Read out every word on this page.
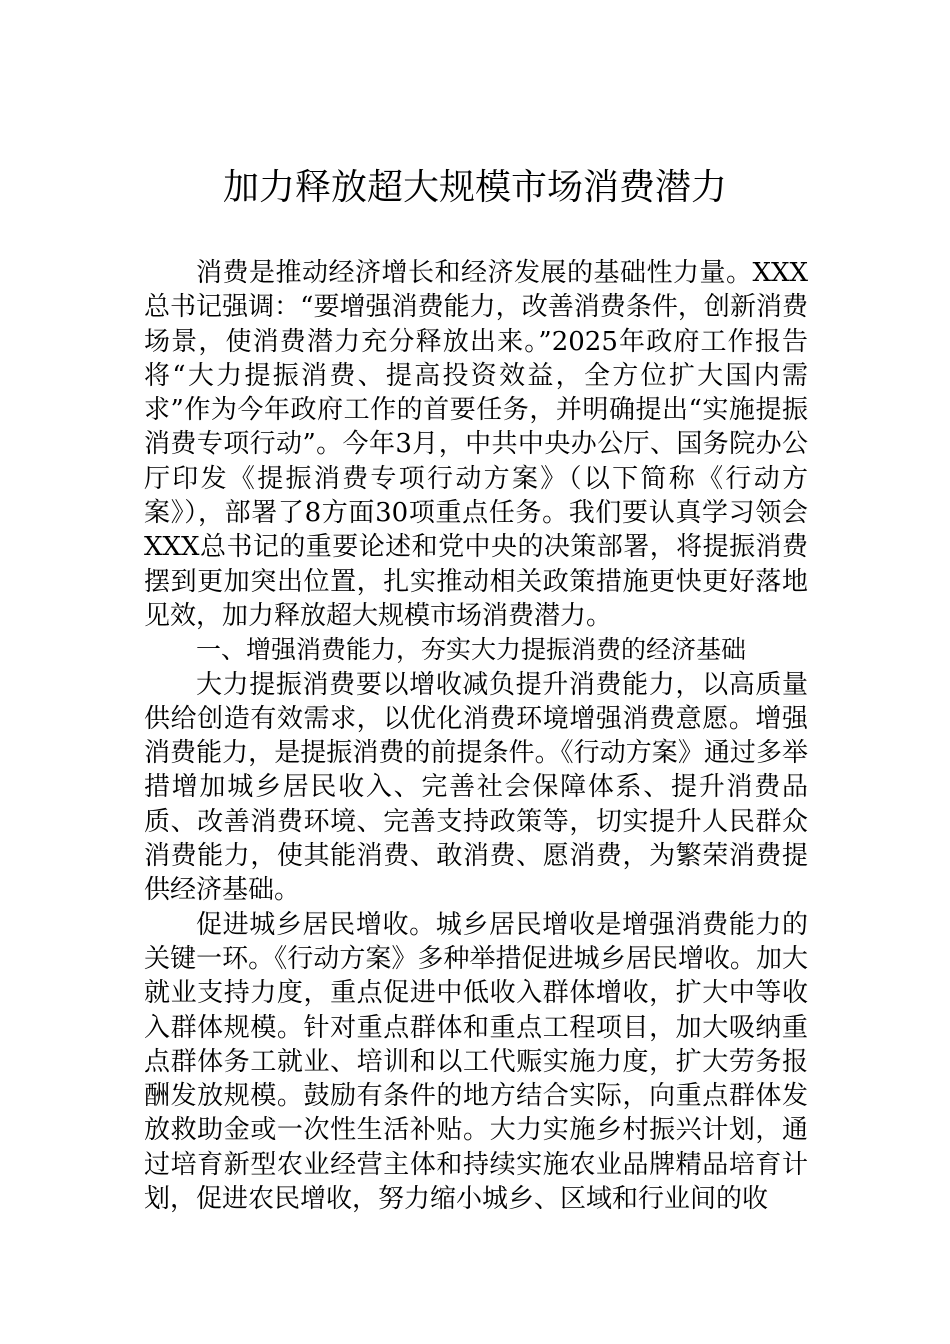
加力释放超大规模市场消费潜力

消费是推动经济增长和经济发展的基础性力量。XXX总书记强调：“要增强消费能力，改善消费条件，创新消费场景，使消费潜力充分释放出来。”2025年政府工作报告将“大力提振消费、提高投资效益，全方位扩大国内需求”作为今年政府工作的首要任务，并明确提出“实施提振消费专项行动”。今年3月，中共中央办公厅、国务院办公厅印发《提振消费专项行动方案》（以下简称《行动方案》），部署了8方面30项重点任务。我们要认真学习领会XXX总书记的重要论述和党中央的决策部署，将提振消费摆到更加突出位置，扎实推动相关政策措施更快更好落地见效，加力释放超大规模市场消费潜力。

一、增强消费能力，夯实大力提振消费的经济基础

大力提振消费要以增收减负提升消费能力，以高质量供给创造有效需求，以优化消费环境增强消费意愿。增强消费能力，是提振消费的前提条件。《行动方案》通过多举措增加城乡居民收入、完善社会保障体系、提升消费品质、改善消费环境、完善支持政策等，切实提升人民群众消费能力，使其能消费、敢消费、愿消费，为繁荣消费提供经济基础。

促进城乡居民增收。城乡居民增收是增强消费能力的关键一环。《行动方案》多种举措促进城乡居民增收。加大就业支持力度，重点促进中低收入群体增收，扩大中等收入群体规模。针对重点群体和重点工程项目，加大吸纳重点群体务工就业、培训和以工代赈实施力度，扩大劳务报酬发放规模。鼓励有条件的地方结合实际，向重点群体发放救助金或一次性生活补贴。大力实施乡村振兴计划，通过培育新型农业经营主体和持续实施农业品牌精品培育计划，促进农民增收，努力缩小城乡、区域和行业间的收
